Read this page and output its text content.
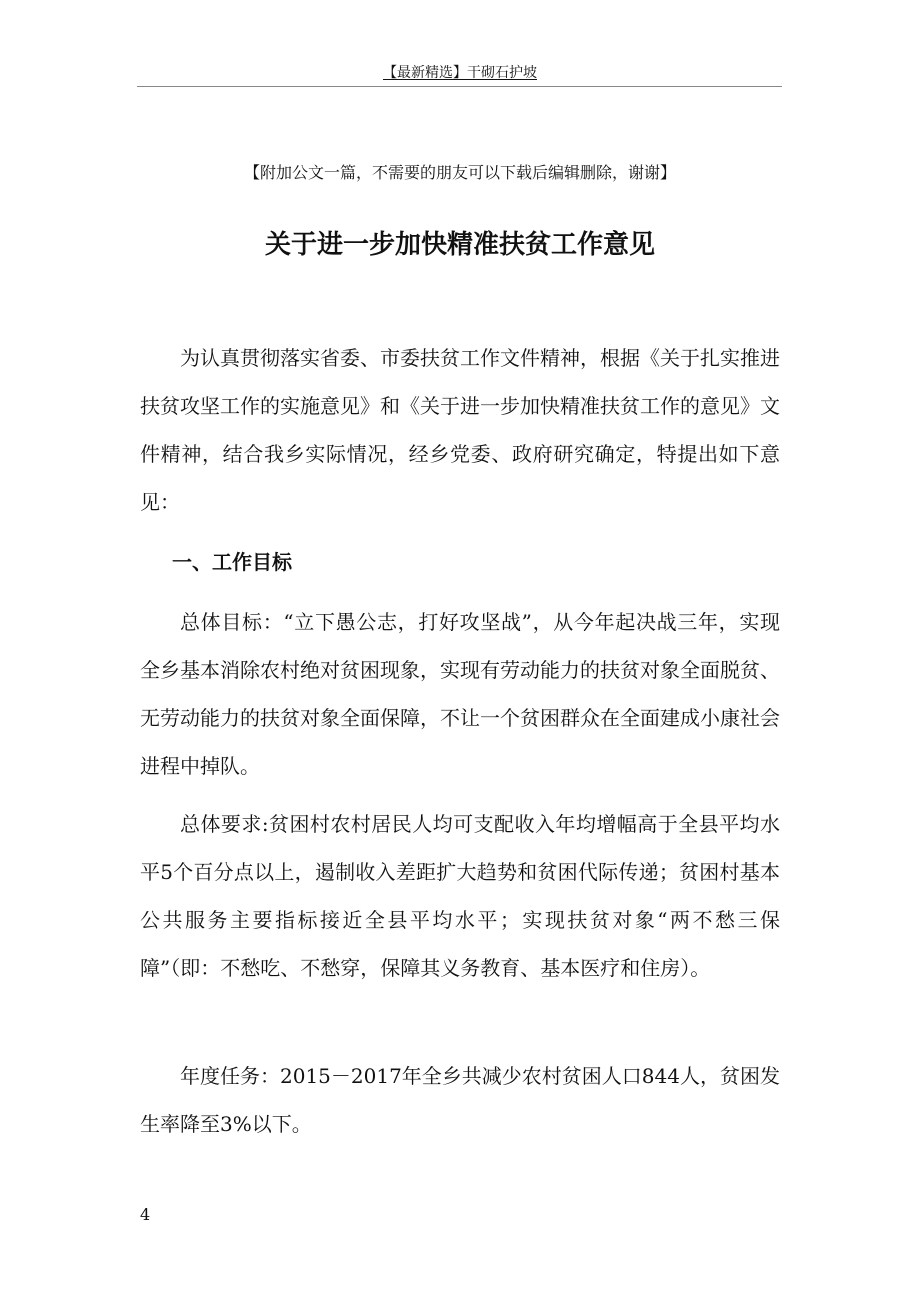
【最新精选】干砌石护坡
【附加公文一篇，不需要的朋友可以下载后编辑删除，谢谢】
关于进一步加快精准扶贫工作意见

为认真贯彻落实省委、市委扶贫工作文件精神，根据《关于扎实推进扶贫攻坚工作的实施意见》和《关于进一步加快精准扶贫工作的意见》文件精神，结合我乡实际情况，经乡党委、政府研究确定，特提出如下意见：

一、工作目标

总体目标：“立下愚公志，打好攻坚战”，从今年起决战三年，实现全乡基本消除农村绝对贫困现象，实现有劳动能力的扶贫对象全面脱贫、无劳动能力的扶贫对象全面保障，不让一个贫困群众在全面建成小康社会进程中掉队。

总体要求:贫困村农村居民人均可支配收入年均增幅高于全县平均水平5个百分点以上，遏制收入差距扩大趋势和贫困代际传递；贫困村基本公共服务主要指标接近全县平均水平；实现扶贫对象“两不愁三保障”（即：不愁吃、不愁穿，保障其义务教育、基本医疗和住房）。

年度任务：2015－2017年全乡共减少农村贫困人口844人，贫困发生率降至3%以下。

4
